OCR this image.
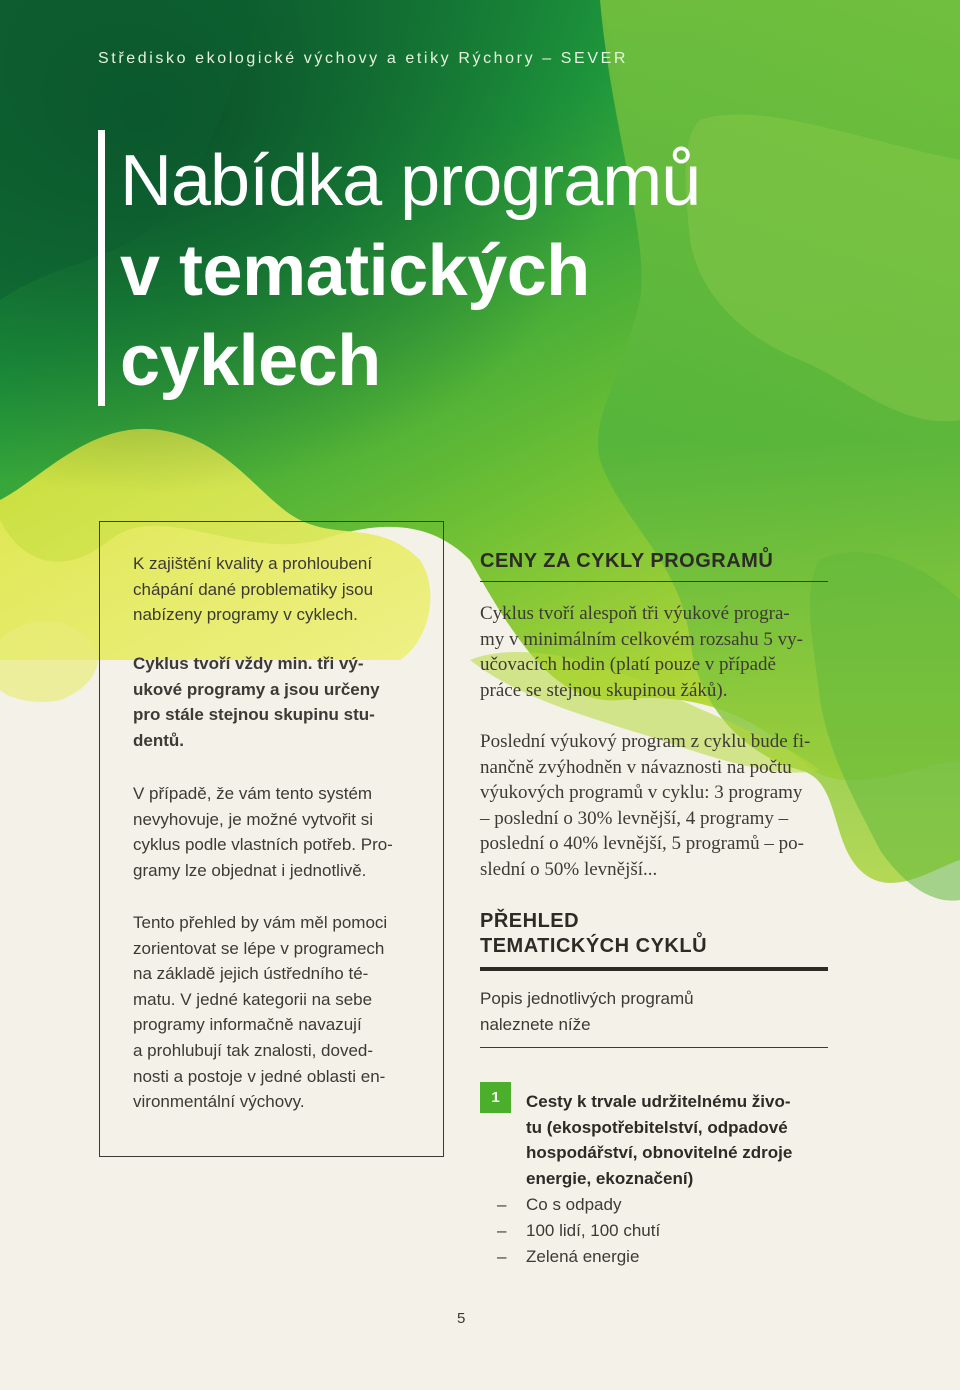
Středisko ekologické výchovy a etiky Rýchory – SEVER
Nabídka programů
v tematických
cyklech

K zajištění kvality a prohloubení
chápání dané problematiky jsou
nabízeny programy v cyklech.

Cyklus tvoří vždy min. tři vý-
ukové programy a jsou určeny
pro stále stejnou skupinu stu-
dentů.

V případě, že vám tento systém
nevyhovuje, je možné vytvořit si
cyklus podle vlastních potřeb. Pro-
gramy lze objednat i jednotlivě.

Tento přehled by vám měl pomoci
zorientovat se lépe v programech
na základě jejich ústředního té-
matu. V jedné kategorii na sebe
programy informačně navazují
a prohlubují tak znalosti, doved-
nosti a postoje v jedné oblasti en-
vironmentální výchovy.

CENY ZA CYKLY PROGRAMŮ

Cyklus tvoří alespoň tři výukové progra-
my v minimálním celkovém rozsahu 5 vy-
učovacích hodin (platí pouze v případě
práce se stejnou skupinou žáků).

Poslední výukový program z cyklu bude fi-
nančně zvýhodněn v návaznosti na počtu
výukových programů v cyklu: 3 programy
– poslední o 30% levnější, 4 programy –
poslední o 40% levnější, 5 programů – po-
slední o 50% levnější...

PŘEHLED
TEMATICKÝCH CYKLŮ

Popis jednotlivých programů
naleznete níže

1	Cesty k trvale udržitelnému živo-
tu (ekospotřebitelství, odpadové
hospodářství, obnovitelné zdroje
energie, ekoznačení)

– Co s odpady
– 100 lidí, 100 chutí
– Zelená energie
5
